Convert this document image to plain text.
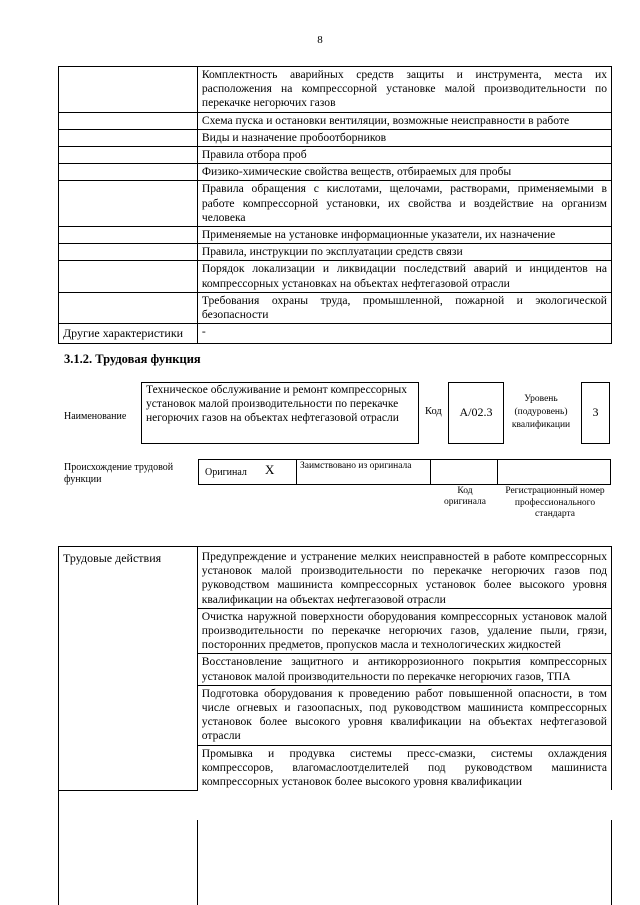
8

	Комплектность аварийных средств защиты и инструмента, места их расположения на компрессорной установке малой производительности по перекачке негорючих газов

	Схема пуска и остановки вентиляции, возможные неисправности в работе

	Виды и назначение пробоотборников

	Правила отбора проб

	Физико-химические свойства веществ, отбираемых для пробы

	Правила обращения с кислотами, щелочами, растворами, применяемыми в работе компрессорной установки, их свойства и воздействие на организм человека

	Применяемые на установке информационные указатели, их назначение

	Правила, инструкции по эксплуатации средств связи

	Порядок локализации и ликвидации последствий аварий и инцидентов на компрессорных установках на объектах нефтегазовой отрасли

	Требования охраны труда, промышленной, пожарной и экологической безопасности

Другие характеристики	-
3.1.2. Трудовая функция
Наименование
Техническое обслуживание и ремонт компрессорных установок малой производительности по перекачке негорючих газов на объектах нефтегазовой отрасли
Код	А/02.3
Уровень (подуровень) квалификации
3
Происхождение трудовой функции
Оригинал Х	Заимствовано из оригинала
Код оригинала
Регистрационный номер профессионального стандарта
Трудовые действия	Предупреждение и устранение мелких неисправностей в работе компрессорных установок малой производительности по перекачке негорючих газов под руководством машиниста компрессорных установок более высокого уровня квалификации на объектах нефтегазовой отрасли

Очистка наружной поверхности оборудования компрессорных установок малой производительности по перекачке негорючих газов, удаление пыли, грязи, посторонних предметов, пропусков масла и технологических жидкостей

Восстановление защитного и антикоррозионного покрытия компрессорных установок малой производительности по перекачке негорючих газов, ТПА

Подготовка оборудования к проведению работ повышенной опасности, в том числе огневых и газоопасных, под руководством машиниста компрессорных установок более высокого уровня квалификации на объектах нефтегазовой отрасли

Промывка и продувка системы пресс-смазки, системы охлаждения компрессоров, влагомаслоотделителей под руководством машиниста компрессорных установок более высокого уровня квалификации
